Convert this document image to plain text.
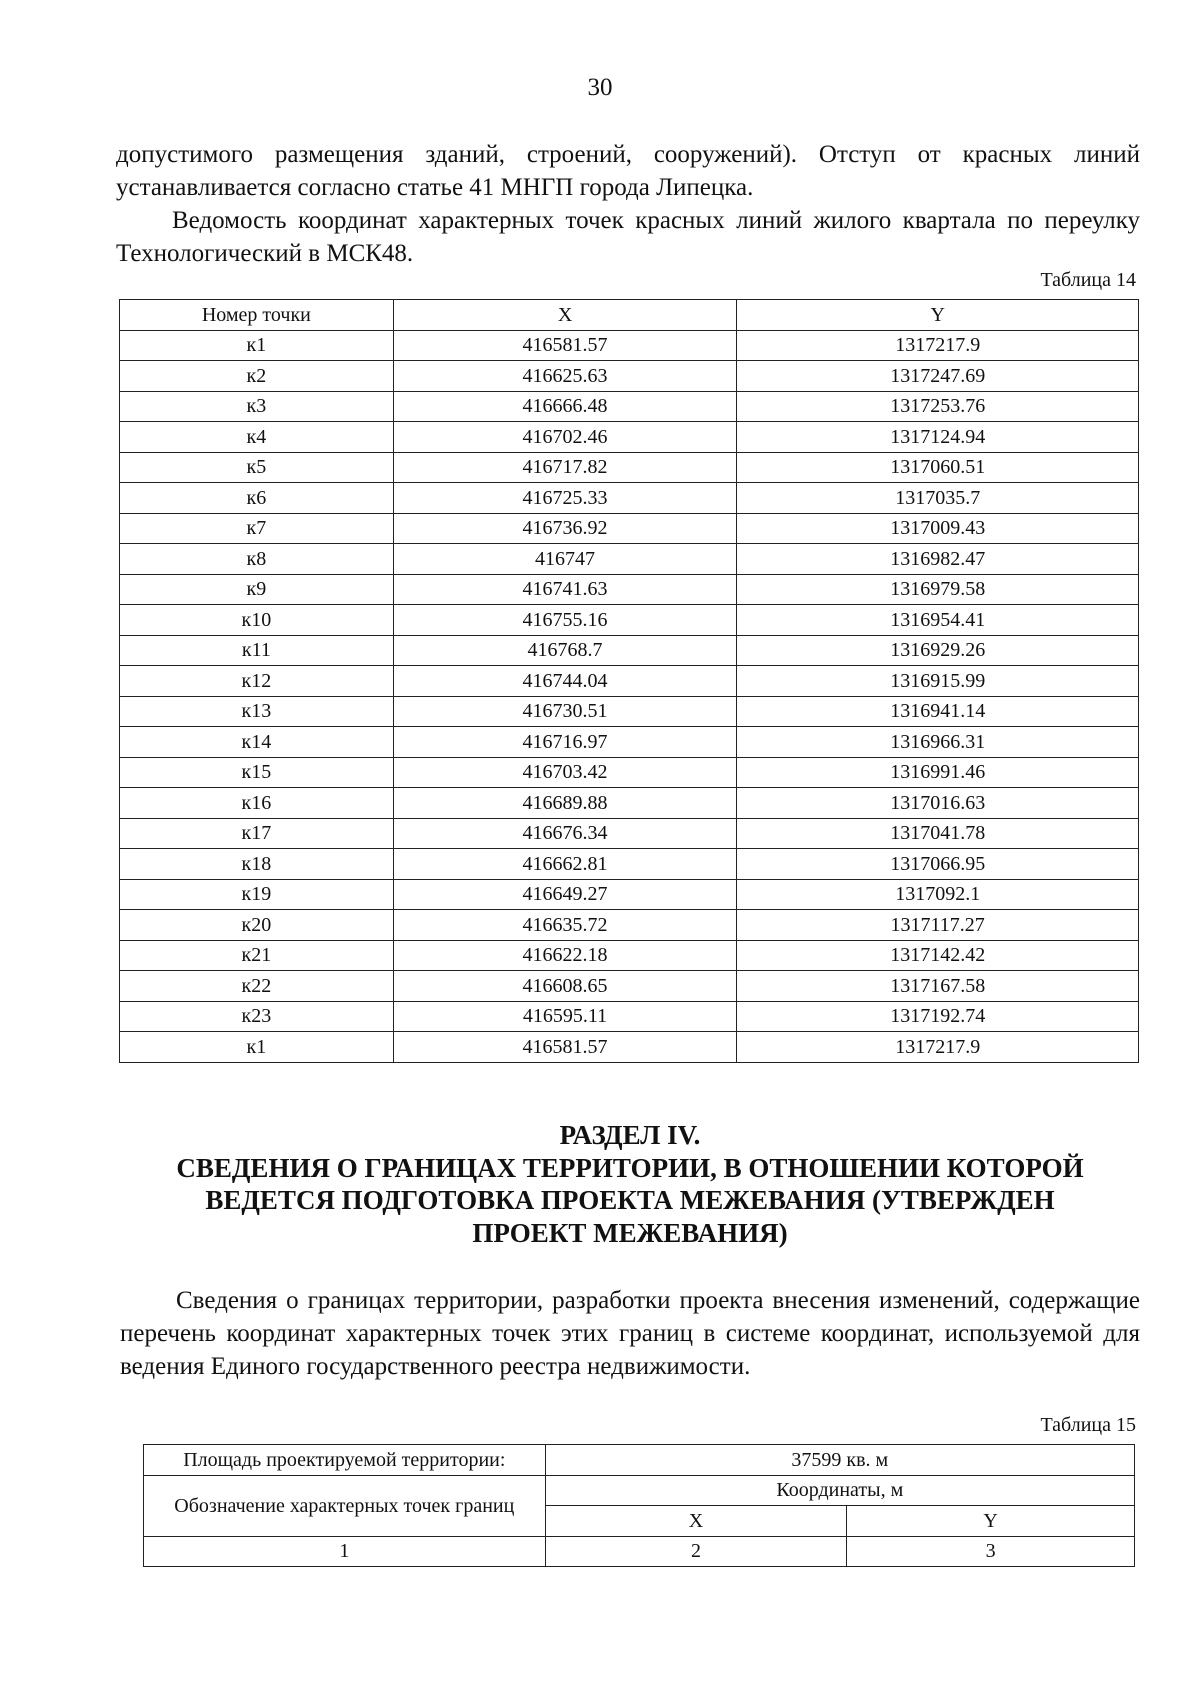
30
допустимого размещения зданий, строений, сооружений). Отступ от красных линий устанавливается согласно статье 41 МНГП города Липецка.
Ведомость координат характерных точек красных линий жилого квартала по переулку Технологический в МСК48.
Таблица 14
Номер точки	X	Y
к1	416581.57	1317217.9
к2	416625.63	1317247.69
к3	416666.48	1317253.76
к4	416702.46	1317124.94
к5	416717.82	1317060.51
к6	416725.33	1317035.7
к7	416736.92	1317009.43
к8	416747	1316982.47
к9	416741.63	1316979.58
к10	416755.16	1316954.41
к11	416768.7	1316929.26
к12	416744.04	1316915.99
к13	416730.51	1316941.14
к14	416716.97	1316966.31
к15	416703.42	1316991.46
к16	416689.88	1317016.63
к17	416676.34	1317041.78
к18	416662.81	1317066.95
к19	416649.27	1317092.1
к20	416635.72	1317117.27
к21	416622.18	1317142.42
к22	416608.65	1317167.58
к23	416595.11	1317192.74
к1	416581.57	1317217.9
РАЗДЕЛ IV.
СВЕДЕНИЯ О ГРАНИЦАХ ТЕРРИТОРИИ, В ОТНОШЕНИИ КОТОРОЙ
ВЕДЕТСЯ ПОДГОТОВКА ПРОЕКТА МЕЖЕВАНИЯ (УТВЕРЖДЕН
ПРОЕКТ МЕЖЕВАНИЯ)
Сведения о границах территории, разработки проекта внесения изменений, содержащие перечень координат характерных точек этих границ в системе координат, используемой для ведения Единого государственного реестра недвижимости.
Таблица 15
Площадь проектируемой территории:	37599 кв. м	
Обозначение характерных точек границ	Координаты, м	
	X	Y
1	2	3
